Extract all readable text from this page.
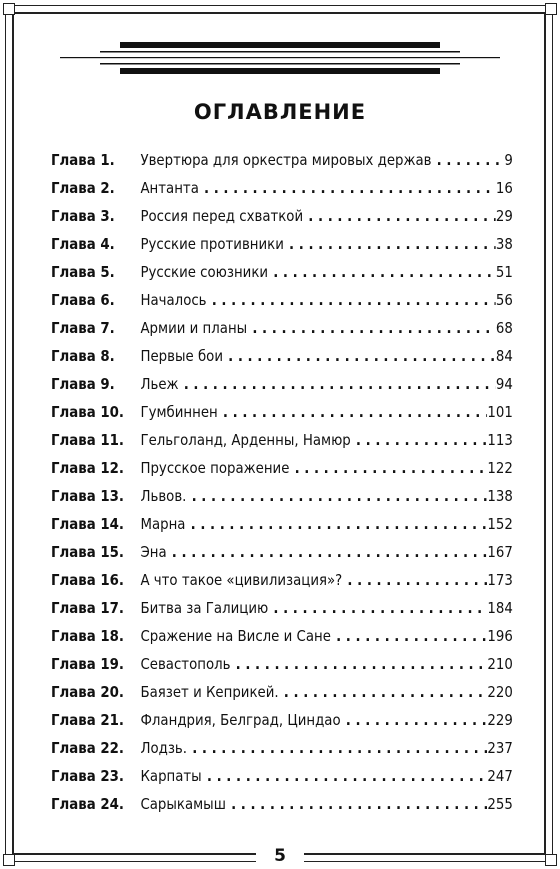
ОГЛАВЛЕНИЕ
Глава 1.	Увертюра для оркестра мировых держав . . .	9
Глава 2.	Антанта . . .	16
Глава 3.	Россия перед схваткой . . .	29
Глава 4.	Русские противники . . .	38
Глава 5.	Русские союзники . . .	51
Глава 6.	Началось . . .	56
Глава 7.	Армии и планы . . .	68
Глава 8.	Первые бои . . .	84
Глава 9.	Льеж . . .	94
Глава 10.	Гумбиннен . . .	101
Глава 11.	Гельголанд, Арденны, Намюр . . .	113
Глава 12.	Прусское поражение . . .	122
Глава 13.	Львов. . . .	138
Глава 14.	Марна . . .	152
Глава 15.	Эна . . .	167
Глава 16.	А что такое «цивилизация»? . . .	173
Глава 17.	Битва за Галицию . . .	184
Глава 18.	Сражение на Висле и Сане . . .	196
Глава 19.	Севастополь . . .	210
Глава 20.	Баязет и Кеприкей. . . .	220
Глава 21.	Фландрия, Белград, Циндао . . .	229
Глава 22.	Лодзь. . . .	237
Глава 23.	Карпаты . . .	247
Глава 24.	Сарыкамыш . . .	255
5
